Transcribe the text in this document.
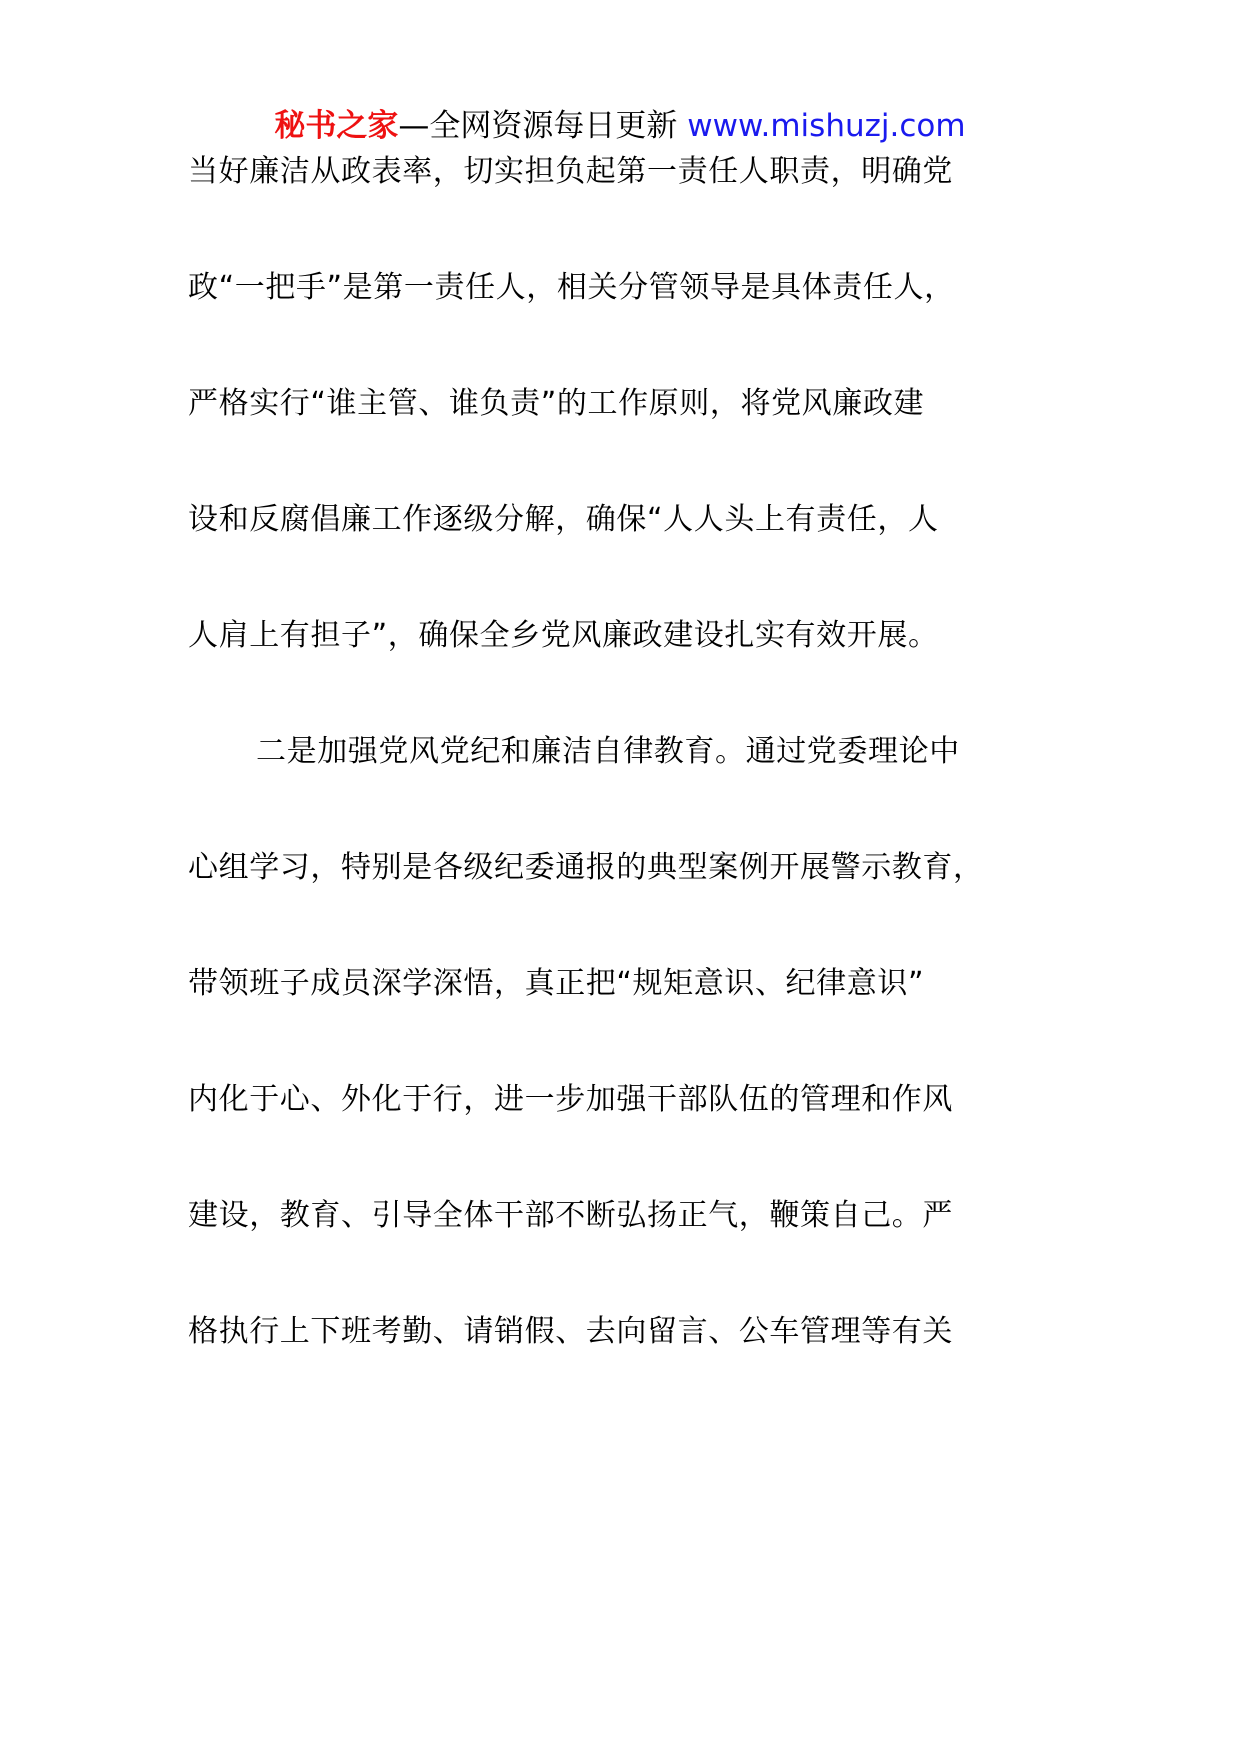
秘书之家—全网资源每日更新 www.mishuzj.com
当好廉洁从政表率，切实担负起第一责任人职责，明确党
政“一把手”是第一责任人，相关分管领导是具体责任人，
严格实行“谁主管、谁负责”的工作原则，将党风廉政建
设和反腐倡廉工作逐级分解，确保“人人头上有责任，人
人肩上有担子”，确保全乡党风廉政建设扎实有效开展。
二是加强党风党纪和廉洁自律教育。通过党委理论中
心组学习，特别是各级纪委通报的典型案例开展警示教育，
带领班子成员深学深悟，真正把“规矩意识、纪律意识”
内化于心、外化于行，进一步加强干部队伍的管理和作风
建设，教育、引导全体干部不断弘扬正气，鞭策自己。严
格执行上下班考勤、请销假、去向留言、公车管理等有关
